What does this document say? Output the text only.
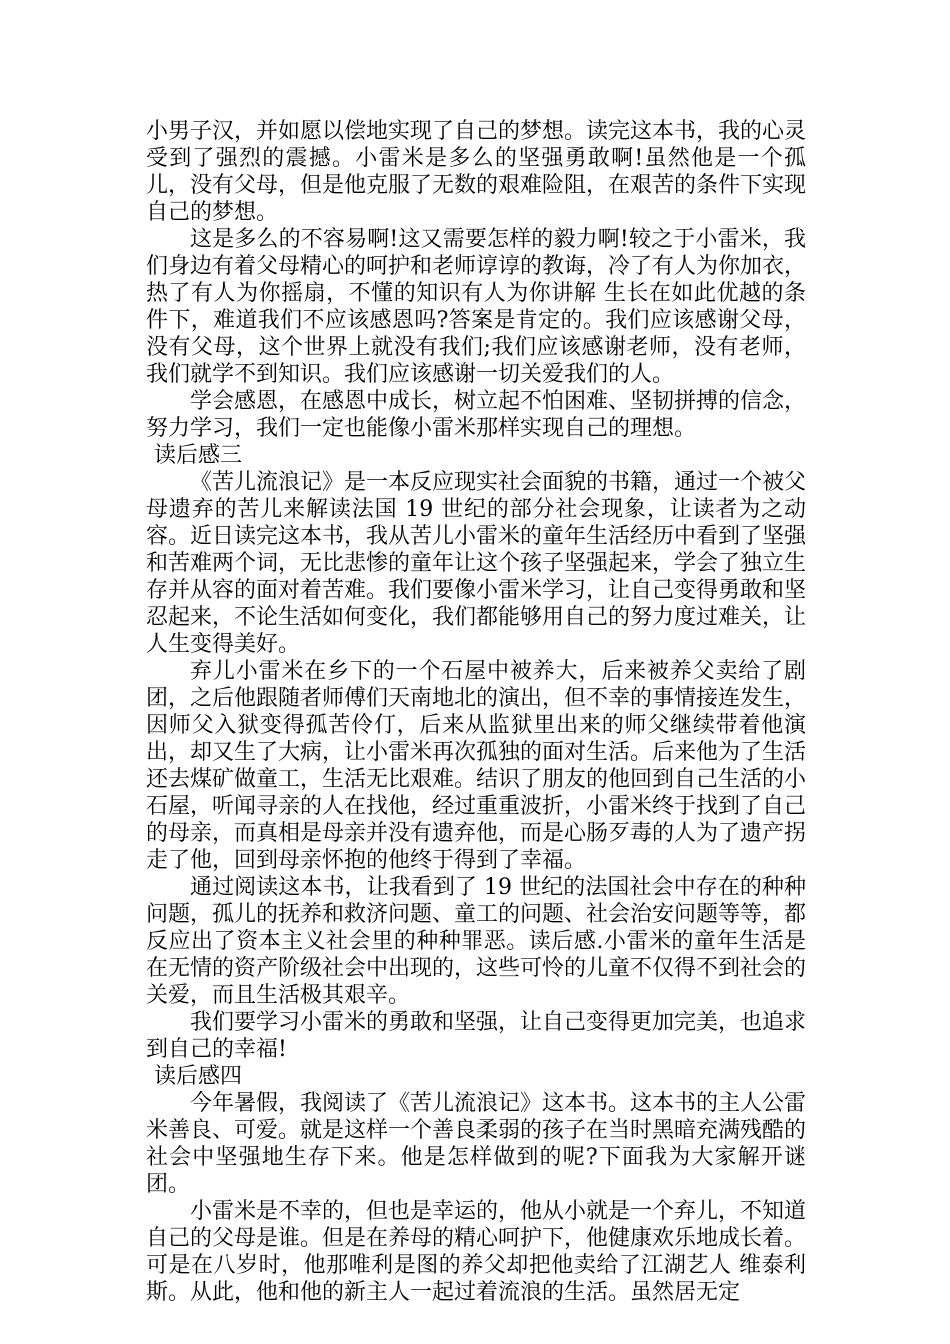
小男子汉，并如愿以偿地实现了自己的梦想。读完这本书，我的心灵受到了强烈的震撼。小雷米是多么的坚强勇敢啊!虽然他是一个孤儿，没有父母，但是他克服了无数的艰难险阻，在艰苦的条件下实现自己的梦想。

这是多么的不容易啊!这又需要怎样的毅力啊!较之于小雷米，我们身边有着父母精心的呵护和老师谆谆的教诲，冷了有人为你加衣，热了有人为你摇扇，不懂的知识有人为你讲解 生长在如此优越的条件下，难道我们不应该感恩吗?答案是肯定的。我们应该感谢父母，没有父母，这个世界上就没有我们;我们应该感谢老师，没有老师，我们就学不到知识。我们应该感谢一切关爱我们的人。

学会感恩，在感恩中成长，树立起不怕困难、坚韧拼搏的信念，努力学习，我们一定也能像小雷米那样实现自己的理想。

读后感三

《苦儿流浪记》是一本反应现实社会面貌的书籍，通过一个被父母遗弃的苦儿来解读法国 19 世纪的部分社会现象，让读者为之动容。近日读完这本书，我从苦儿小雷米的童年生活经历中看到了坚强和苦难两个词，无比悲惨的童年让这个孩子坚强起来，学会了独立生存并从容的面对着苦难。我们要像小雷米学习，让自己变得勇敢和坚忍起来，不论生活如何变化，我们都能够用自己的努力度过难关，让人生变得美好。

弃儿小雷米在乡下的一个石屋中被养大，后来被养父卖给了剧团，之后他跟随者师傅们天南地北的演出，但不幸的事情接连发生，因师父入狱变得孤苦伶仃，后来从监狱里出来的师父继续带着他演出，却又生了大病，让小雷米再次孤独的面对生活。后来他为了生活还去煤矿做童工，生活无比艰难。结识了朋友的他回到自己生活的小石屋，听闻寻亲的人在找他，经过重重波折，小雷米终于找到了自己的母亲，而真相是母亲并没有遗弃他，而是心肠歹毒的人为了遗产拐走了他，回到母亲怀抱的他终于得到了幸福。

通过阅读这本书，让我看到了 19 世纪的法国社会中存在的种种问题，孤儿的抚养和救济问题、童工的问题、社会治安问题等等，都反应出了资本主义社会里的种种罪恶。读后感.小雷米的童年生活是在无情的资产阶级社会中出现的，这些可怜的儿童不仅得不到社会的关爱，而且生活极其艰辛。

我们要学习小雷米的勇敢和坚强，让自己变得更加完美，也追求到自己的幸福!

读后感四

今年暑假，我阅读了《苦儿流浪记》这本书。这本书的主人公雷米善良、可爱。就是这样一个善良柔弱的孩子在当时黑暗充满残酷的社会中坚强地生存下来。他是怎样做到的呢?下面我为大家解开谜团。

小雷米是不幸的，但也是幸运的，他从小就是一个弃儿，不知道自己的父母是谁。但是在养母的精心呵护下，他健康欢乐地成长着。可是在八岁时，他那唯利是图的养父却把他卖给了江湖艺人 维泰利斯。从此，他和他的新主人一起过着流浪的生活。虽然居无定
